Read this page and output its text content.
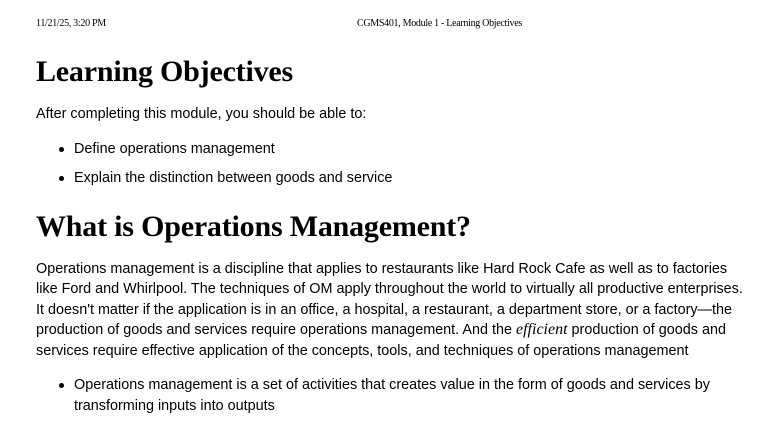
11/21/25, 3:20 PM	CGMS401, Module 1 - Learning Objectives
Learning Objectives

After completing this module, you should be able to:

Define operations management
Explain the distinction between goods and service
What is Operations Management?

Operations management is a discipline that applies to restaurants like Hard Rock Cafe as well as to factories like Ford and Whirlpool. The techniques of OM apply throughout the world to virtually all productive enterprises. It doesn't matter if the application is in an office, a hospital, a restaurant, a department store, or a factory—the production of goods and services require operations management. And the efficient production of goods and services require effective application of the concepts, tools, and techniques of operations management

Operations management is a set of activities that creates value in the form of goods and services by transforming inputs into outputs
